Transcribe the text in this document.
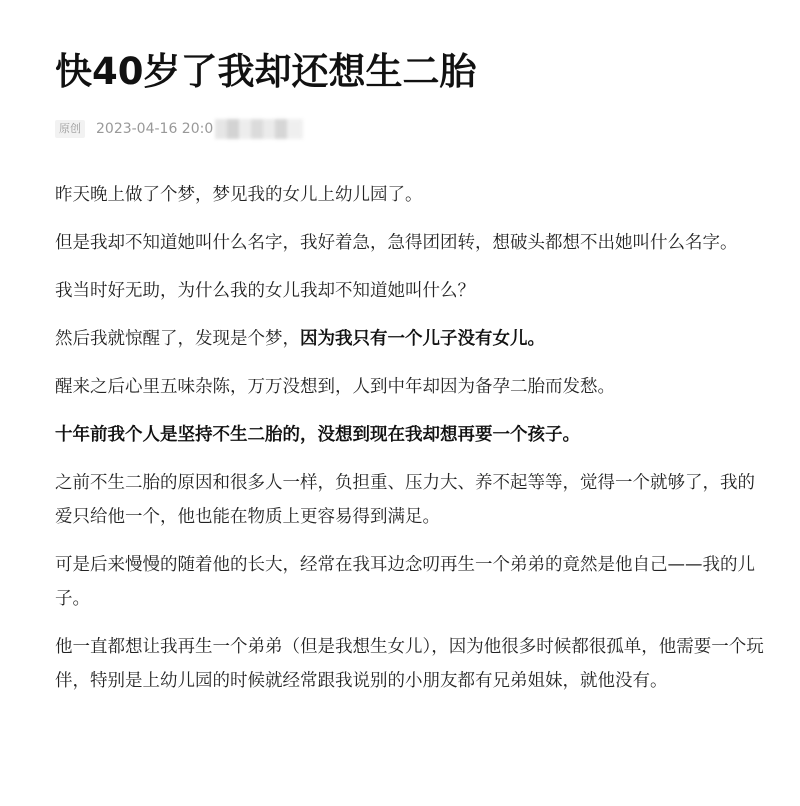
快40岁了我却还想生二胎
原创 2023-04-16 20:0

昨天晚上做了个梦，梦见我的女儿上幼儿园了。

但是我却不知道她叫什么名字，我好着急，急得团团转，想破头都想不出她叫什么名字。

我当时好无助，为什么我的女儿我却不知道她叫什么？

然后我就惊醒了，发现是个梦，因为我只有一个儿子没有女儿。

醒来之后心里五味杂陈，万万没想到，人到中年却因为备孕二胎而发愁。

十年前我个人是坚持不生二胎的，没想到现在我却想再要一个孩子。

之前不生二胎的原因和很多人一样，负担重、压力大、养不起等等，觉得一个就够了，我的爱只给他一个，他也能在物质上更容易得到满足。

可是后来慢慢的随着他的长大，经常在我耳边念叨再生一个弟弟的竟然是他自己——我的儿子。

他一直都想让我再生一个弟弟（但是我想生女儿），因为他很多时候都很孤单，他需要一个玩伴，特别是上幼儿园的时候就经常跟我说别的小朋友都有兄弟姐妹，就他没有。
